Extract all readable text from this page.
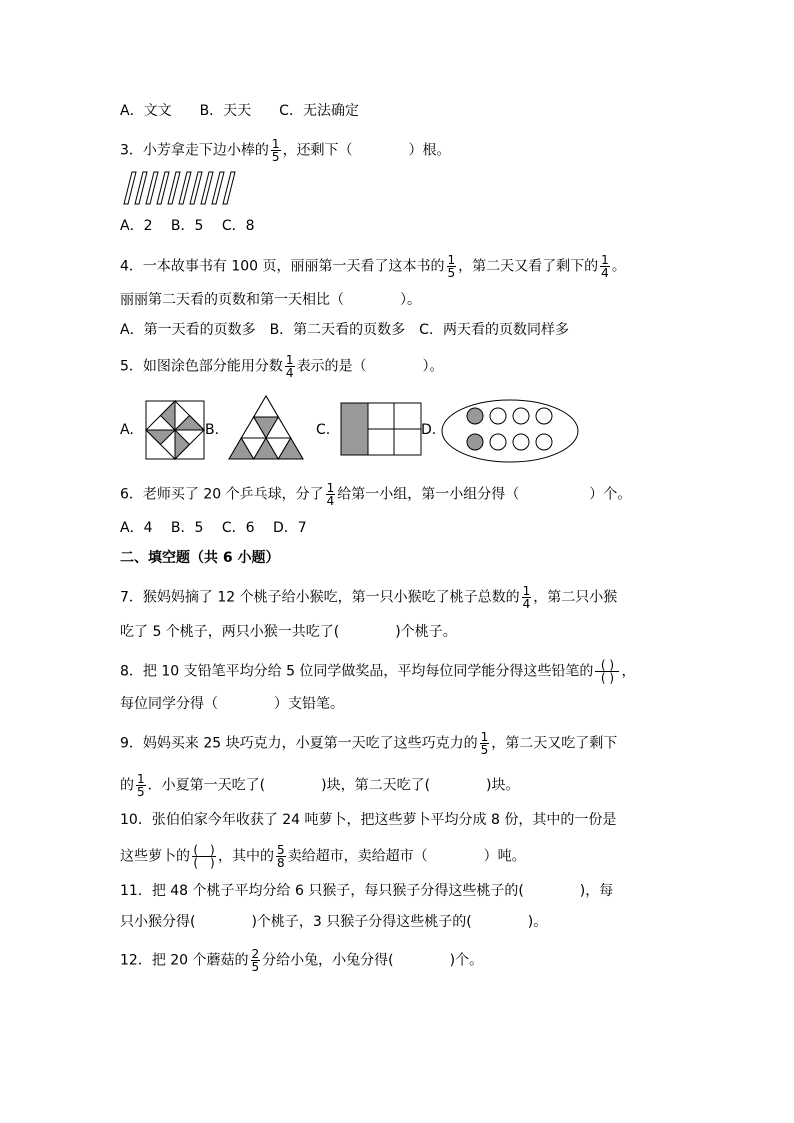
A．文文　　B．天天　　C．无法确定
3．小芳拿走下边小棒的 $\frac{1}{5}$ ，还剩下（　　　　）根。
A．2　 B．5　 C．8
4．一本故事书有 100 页，丽丽第一天看了这本书的 $\frac{1}{5}$ ，第二天又看了剩下的 $\frac{1}{4}$ 。
丽丽第二天看的页数和第一天相比（　　　　）。
A．第一天看的页数多　B．第二天看的页数多　C．两天看的页数同样多
5．如图涂色部分能用分数 $\frac{1}{4}$ 表示的是（　　　　）。
A.	B.	C.	D.
6．老师买了 20 个乒乓球，分了 $\frac{1}{4}$ 给第一小组，第一小组分得（　　　　　）个。
A．4　 B．5　 C．6　 D．7
二、填空题（共 6 小题）
7．猴妈妈摘了 12 个桃子给小猴吃，第一只小猴吃了桃子总数的 $\frac{1}{4}$ ，第二只小猴
吃了 5 个桃子，两只小猴一共吃了(　　　　)个桃子。
8．把 10 支铅笔平均分给 5 位同学做奖品，平均每位同学能分得这些铅笔的 $\frac{( )}{( )}$ ，
每位同学分得（　　　　）支铅笔。
9．妈妈买来 25 块巧克力，小夏第一天吃了这些巧克力的 $\frac{1}{5}$ ，第二天又吃了剩下
的 $\frac{1}{5}$ ．小夏第一天吃了(　　　　)块，第二天吃了(　　　　)块。
10．张伯伯家今年收获了 24 吨萝卜，把这些萝卜平均分成 8 份，其中的一份是
这些萝卜的 $\frac{( )}{( )}$ ，其中的 $\frac{5}{8}$ 卖给超市，卖给超市（　　　　）吨。
11．把 48 个桃子平均分给 6 只猴子，每只猴子分得这些桃子的(　　　　)，每
只小猴分得(　　　　)个桃子，3 只猴子分得这些桃子的(　　　　)。
12．把 20 个蘑菇的 $\frac{2}{5}$ 分给小兔，小兔分得(　　　　)个。
